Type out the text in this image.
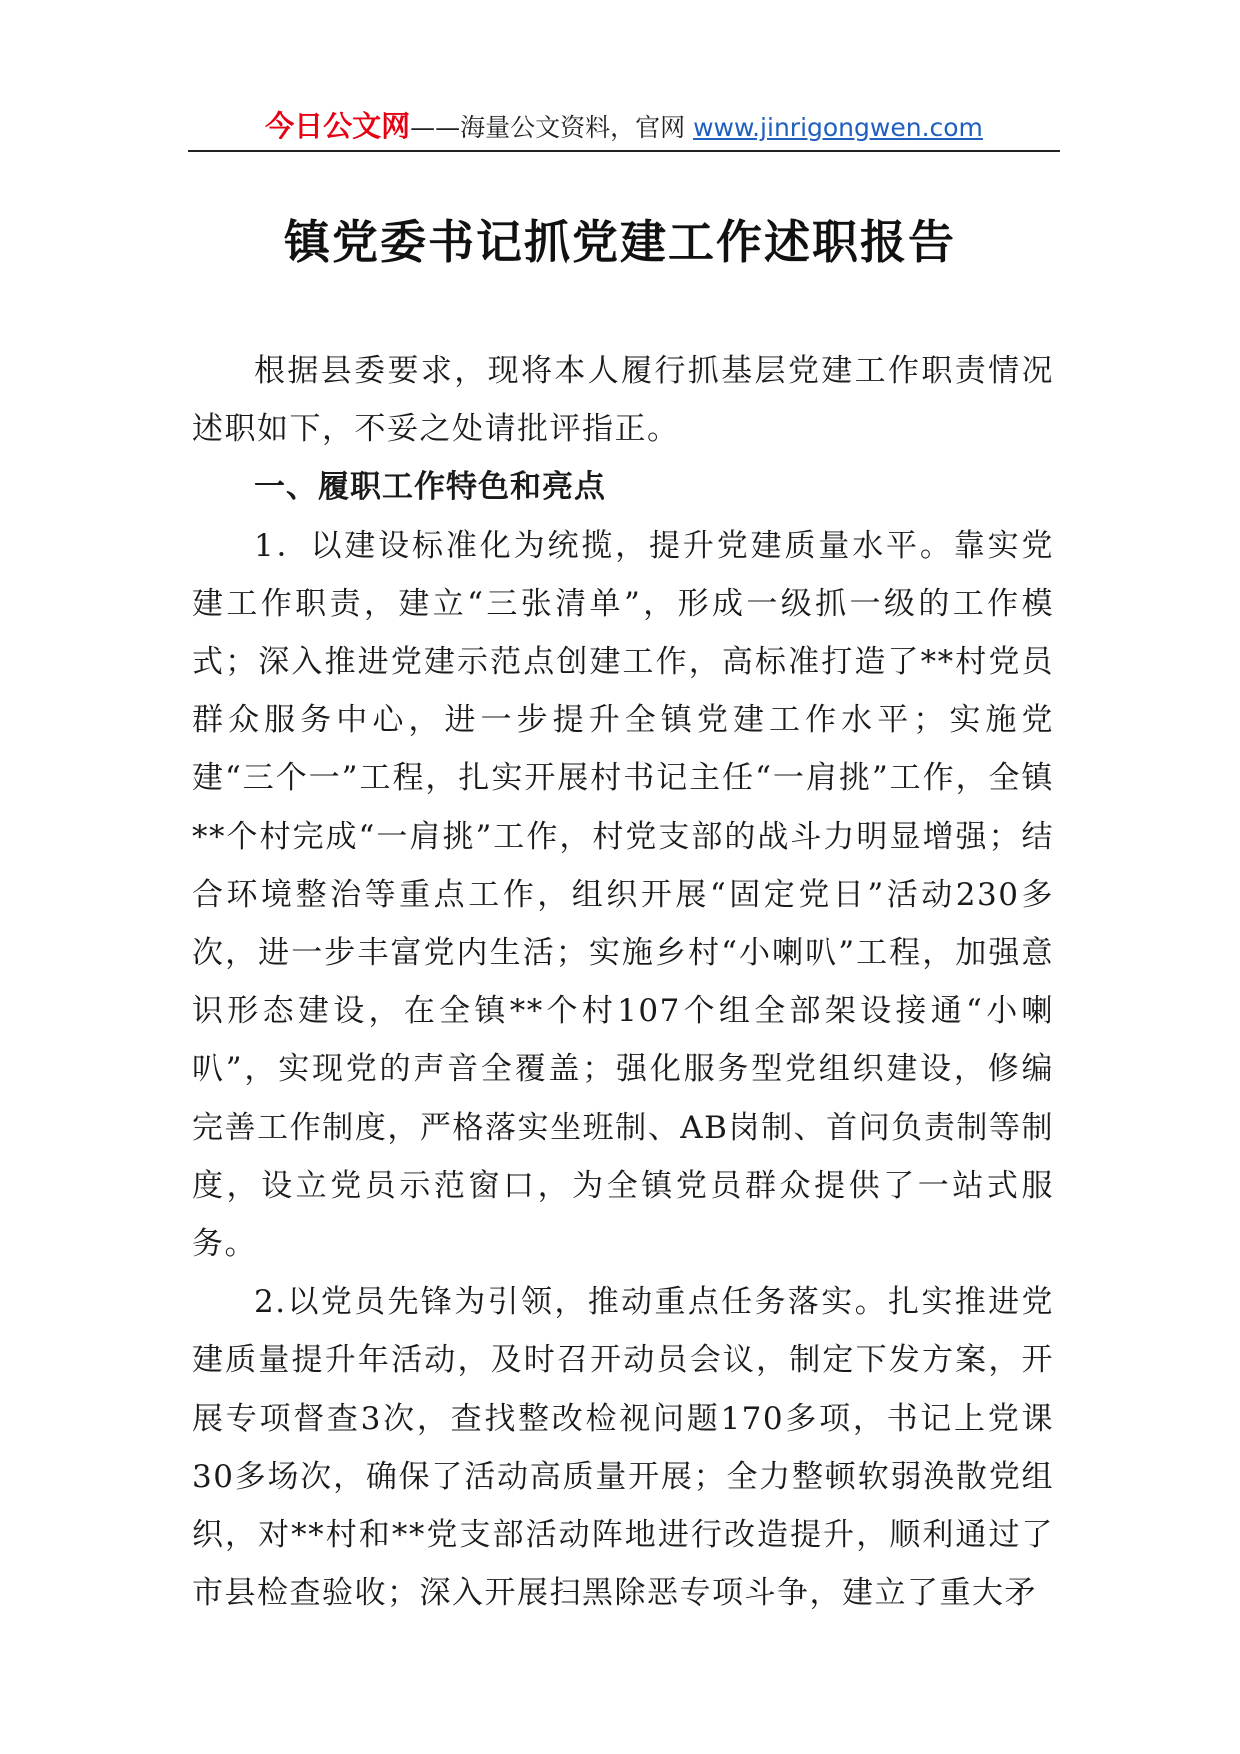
今日公文网——海量公文资料，官网 www.jinrigongwen.com
镇党委书记抓党建工作述职报告

根据县委要求，现将本人履行抓基层党建工作职责情况述职如下，不妥之处请批评指正。

一、履职工作特色和亮点

1．以建设标准化为统揽，提升党建质量水平。靠实党建工作职责，建立“三张清单”，形成一级抓一级的工作模式；深入推进党建示范点创建工作，高标准打造了**村党员群众服务中心，进一步提升全镇党建工作水平；实施党建“三个一”工程，扎实开展村书记主任“一肩挑”工作，全镇**个村完成“一肩挑”工作，村党支部的战斗力明显增强；结合环境整治等重点工作，组织开展“固定党日”活动230多次，进一步丰富党内生活；实施乡村“小喇叭”工程，加强意识形态建设，在全镇**个村107个组全部架设接通“小喇叭”，实现党的声音全覆盖；强化服务型党组织建设，修编完善工作制度，严格落实坐班制、AB岗制、首问负责制等制度，设立党员示范窗口，为全镇党员群众提供了一站式服务。

2.以党员先锋为引领，推动重点任务落实。扎实推进党建质量提升年活动，及时召开动员会议，制定下发方案，开展专项督查3次，查找整改检视问题170多项，书记上党课30多场次，确保了活动高质量开展；全力整顿软弱涣散党组织，对**村和**党支部活动阵地进行改造提升，顺利通过了市县检查验收；深入开展扫黑除恶专项斗争，建立了重大矛
